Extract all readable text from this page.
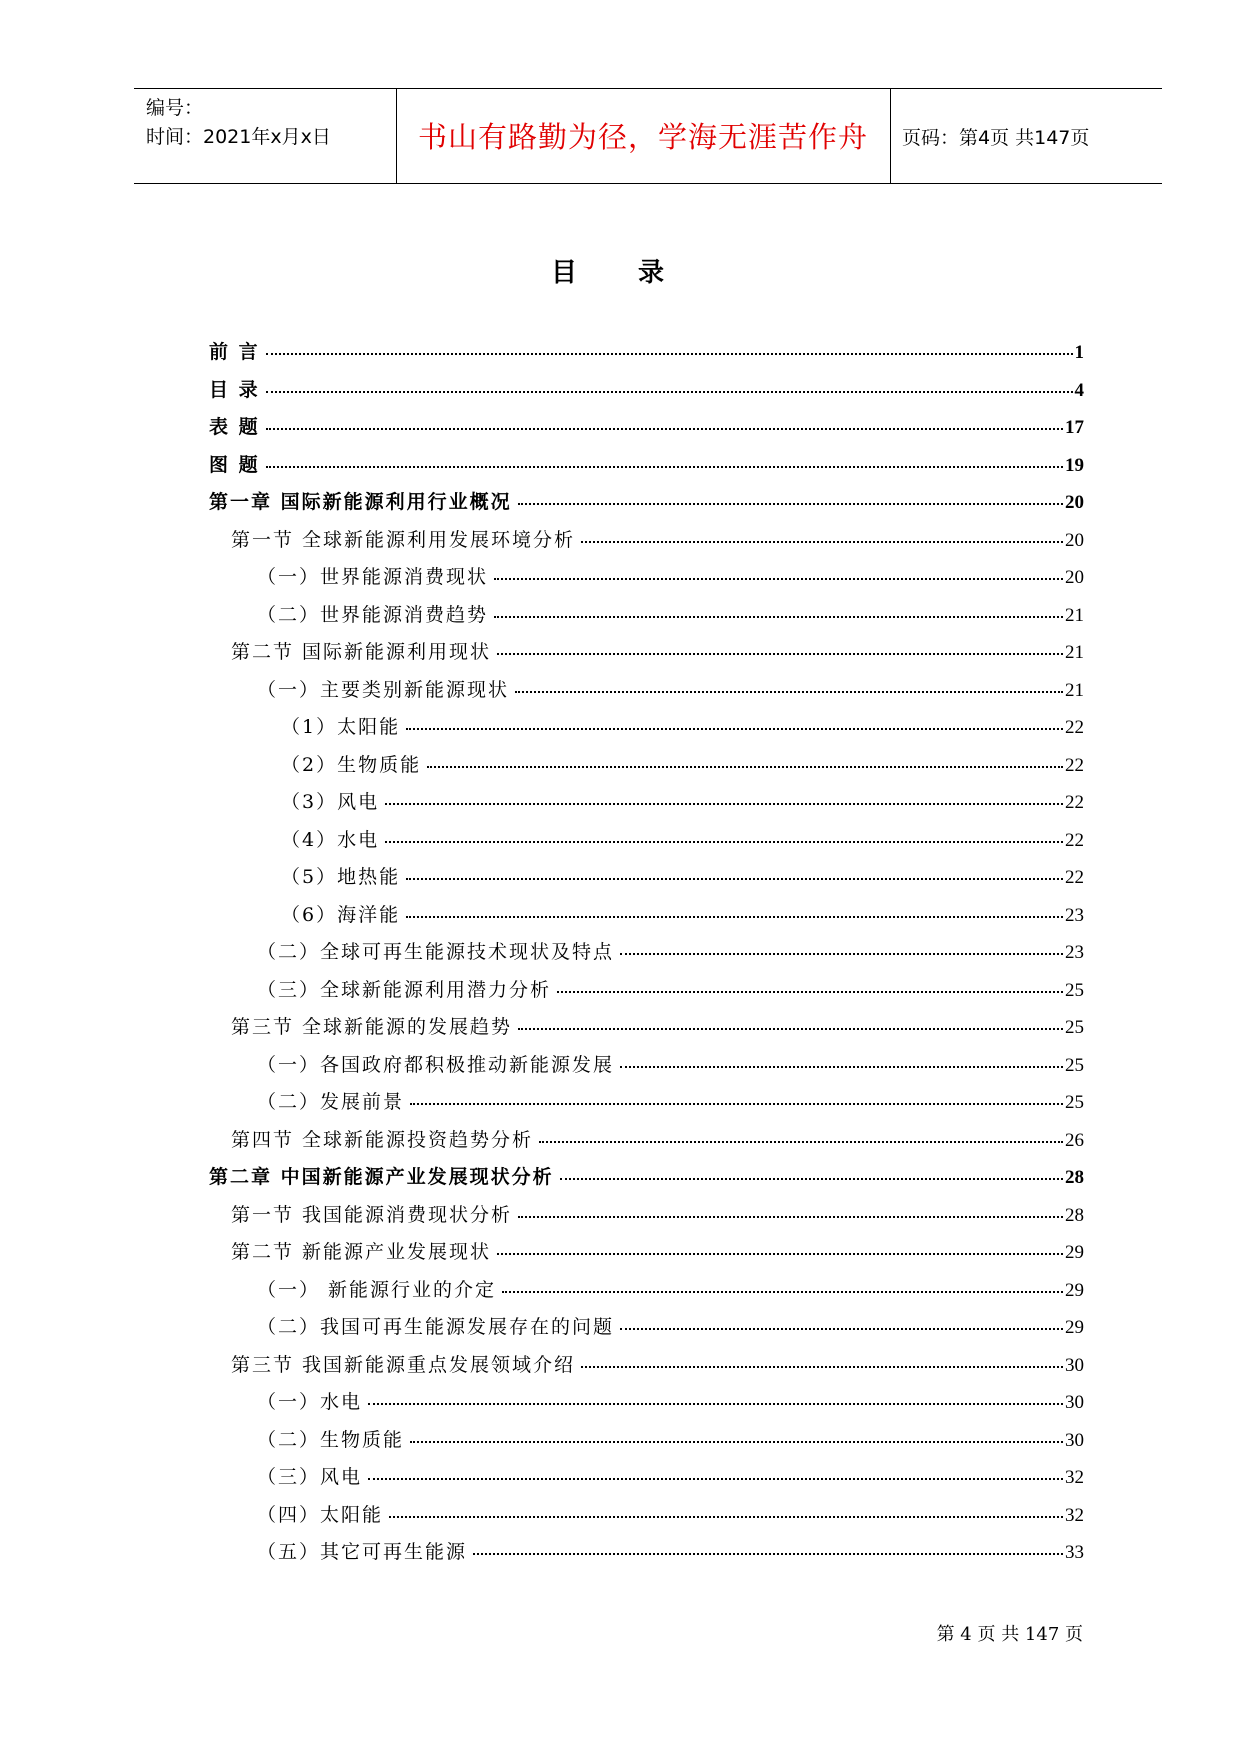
编号：
时间：2021年x月x日	书山有路勤为径，学海无涯苦作舟	页码：第4页 共147页
目 录
前 言	1
目 录	4
表 题	17
图 题	19
第一章 国际新能源利用行业概况	20
第一节 全球新能源利用发展环境分析	20
（一）世界能源消费现状	20
（二）世界能源消费趋势	21
第二节 国际新能源利用现状	21
（一）主要类别新能源现状	21
（1）太阳能	22
（2）生物质能	22
（3）风电	22
（4）水电	22
（5）地热能	22
（6）海洋能	23
（二）全球可再生能源技术现状及特点	23
（三）全球新能源利用潜力分析	25
第三节 全球新能源的发展趋势	25
（一）各国政府都积极推动新能源发展	25
（二）发展前景	25
第四节 全球新能源投资趋势分析	26
第二章 中国新能源产业发展现状分析	28
第一节 我国能源消费现状分析	28
第二节 新能源产业发展现状	29
（一） 新能源行业的介定	29
（二）我国可再生能源发展存在的问题	29
第三节 我国新能源重点发展领域介绍	30
（一）水电	30
（二）生物质能	30
（三）风电	32
（四）太阳能	32
（五）其它可再生能源	33
第 4 页 共 147 页
